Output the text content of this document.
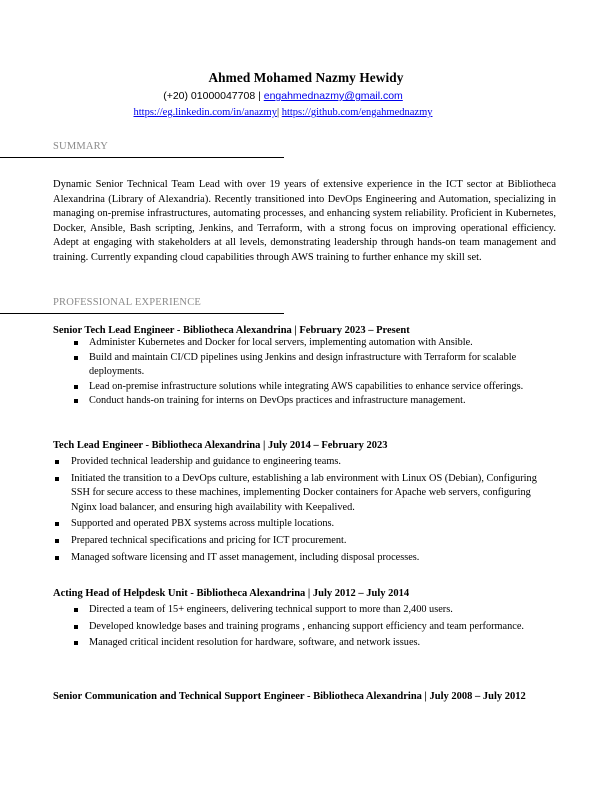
Ahmed Mohamed Nazmy Hewidy
(+20) 01000047708 | engahmednazmy@gmail.com
https://eg.linkedin.com/in/anazmy| https://github.com/engahmednazmy
SUMMARY
Dynamic Senior Technical Team Lead with over 19 years of extensive experience in the ICT sector at Bibliotheca Alexandrina (Library of Alexandria). Recently transitioned into DevOps Engineering and Automation, specializing in managing on-premise infrastructures, automating processes, and enhancing system reliability. Proficient in Kubernetes, Docker, Ansible, Bash scripting, Jenkins, and Terraform, with a strong focus on improving operational efficiency. Adept at engaging with stakeholders at all levels, demonstrating leadership through hands-on team management and training. Currently expanding cloud capabilities through AWS training to further enhance my skill set.
PROFESSIONAL EXPERIENCE
Senior Tech Lead Engineer - Bibliotheca Alexandrina | February 2023 – Present
Administer Kubernetes and Docker for local servers, implementing automation with Ansible.
Build and maintain CI/CD pipelines using Jenkins and design infrastructure with Terraform for scalable deployments.
Lead on-premise infrastructure solutions while integrating AWS capabilities to enhance service offerings.
Conduct hands-on training for interns on DevOps practices and infrastructure management.
Tech Lead Engineer - Bibliotheca Alexandrina | July 2014 – February 2023
Provided technical leadership and guidance to engineering teams.
Initiated the transition to a DevOps culture, establishing a lab environment with Linux OS (Debian), Configuring SSH for secure access to these machines, implementing Docker containers for Apache web servers, configuring Nginx load balancer, and ensuring high availability with Keepalived.
Supported and operated PBX systems across multiple locations.
Prepared technical specifications and pricing for ICT procurement.
Managed software licensing and IT asset management, including disposal processes.
Acting Head of Helpdesk Unit - Bibliotheca Alexandrina | July 2012 – July 2014
Directed a team of 15+ engineers, delivering technical support to more than 2,400 users.
Developed knowledge bases and training programs , enhancing support efficiency and team performance.
Managed critical incident resolution for hardware, software, and network issues.
Senior Communication and Technical Support Engineer - Bibliotheca Alexandrina | July 2008 – July 2012
